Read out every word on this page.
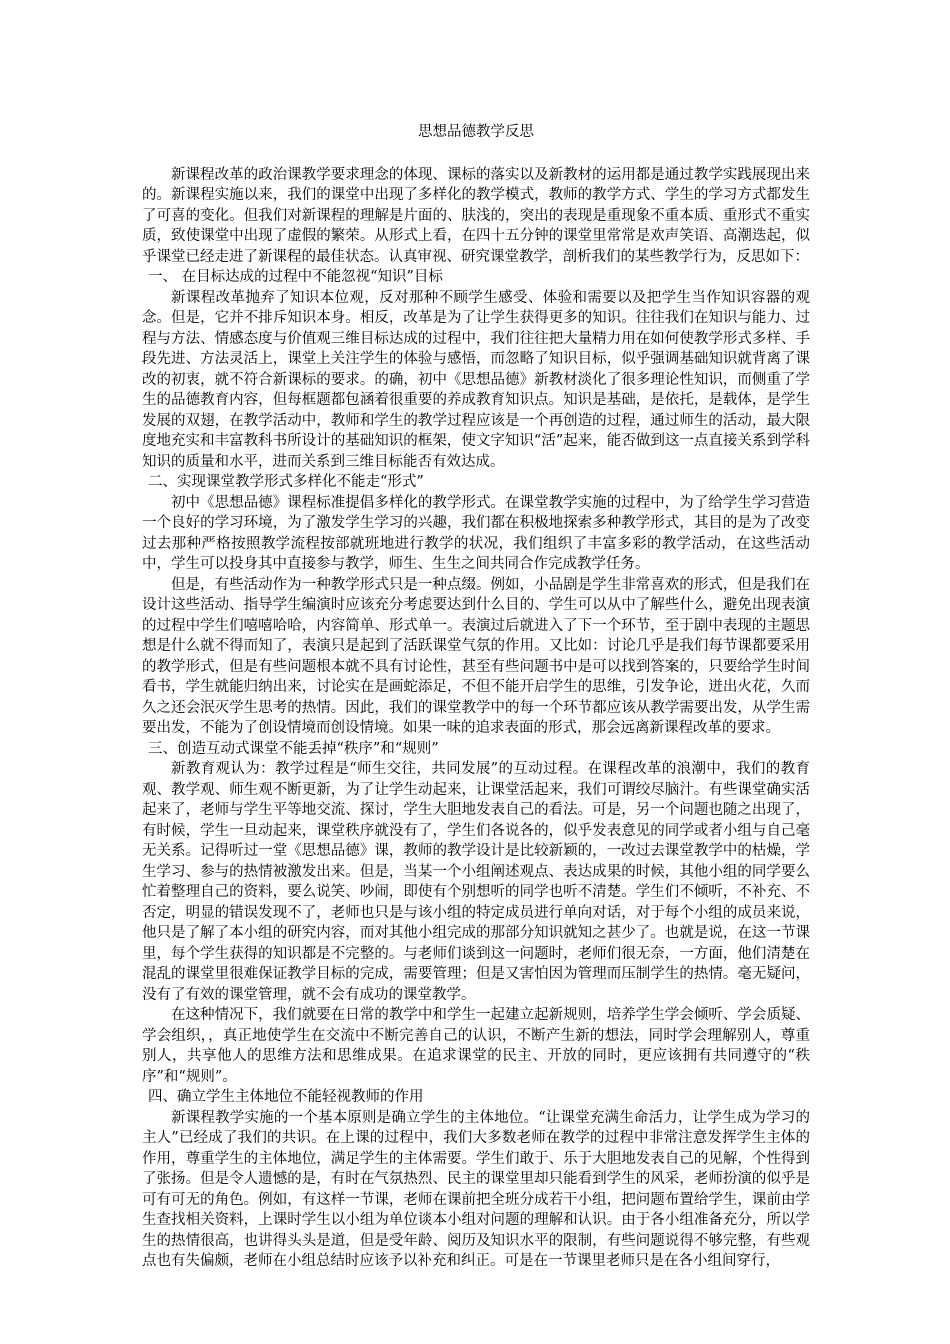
思想品德教学反思

新课程改革的政治课教学要求理念的体现、课标的落实以及新教材的运用都是通过教学实践展现出来的。新课程实施以来，我们的课堂中出现了多样化的教学模式，教师的教学方式、学生的学习方式都发生了可喜的变化。但我们对新课程的理解是片面的、肤浅的，突出的表现是重现象不重本质、重形式不重实质，致使课堂中出现了虚假的繁荣。从形式上看，在四十五分钟的课堂里常常是欢声笑语、高潮迭起，似乎课堂已经走进了新课程的最佳状态。认真审视、研究课堂教学，剖析我们的某些教学行为，反思如下：

一、 在目标达成的过程中不能忽视“知识”目标

新课程改革抛弃了知识本位观，反对那种不顾学生感受、体验和需要以及把学生当作知识容器的观念。但是，它并不排斥知识本身。相反，改革是为了让学生获得更多的知识。往往我们在知识与能力、过程与方法、情感态度与价值观三维目标达成的过程中，我们往往把大量精力用在如何使教学形式多样、手段先进、方法灵活上，课堂上关注学生的体验与感悟，而忽略了知识目标，似乎强调基础知识就背离了课改的初衷，就不符合新课标的要求。的确，初中《思想品德》新教材淡化了很多理论性知识，而侧重了学生的品德教育内容，但每框题都包涵着很重要的养成教育知识点。知识是基础，是依托，是载体，是学生发展的双翅，在教学活动中，教师和学生的教学过程应该是一个再创造的过程，通过师生的活动，最大限度地充实和丰富教科书所设计的基础知识的框架，使文字知识“活”起来，能否做到这一点直接关系到学科知识的质量和水平，进而关系到三维目标能否有效达成。

二、实现课堂教学形式多样化不能走“形式”

初中《思想品德》课程标准提倡多样化的教学形式。在课堂教学实施的过程中，为了给学生学习营造一个良好的学习环境，为了激发学生学习的兴趣，我们都在积极地探索多种教学形式，其目的是为了改变过去那种严格按照教学流程按部就班地进行教学的状况，我们组织了丰富多彩的教学活动，在这些活动中，学生可以投身其中直接参与教学，师生、生生之间共同合作完成教学任务。

但是，有些活动作为一种教学形式只是一种点缀。例如，小品剧是学生非常喜欢的形式，但是我们在设计这些活动、指导学生编演时应该充分考虑要达到什么目的、学生可以从中了解些什么，避免出现表演的过程中学生们嘻嘻哈哈，内容简单、形式单一。表演过后就进入了下一个环节，至于剧中表现的主题思想是什么就不得而知了，表演只是起到了活跃课堂气氛的作用。又比如：讨论几乎是我们每节课都要采用的教学形式，但是有些问题根本就不具有讨论性，甚至有些问题书中是可以找到答案的，只要给学生时间看书，学生就能归纳出来，讨论实在是画蛇添足，不但不能开启学生的思维，引发争论，迸出火花，久而久之还会泯灭学生思考的热情。因此，我们的课堂教学中的每一个环节都应该从教学需要出发，从学生需要出发，不能为了创设情境而创设情境。如果一味的追求表面的形式，那会远离新课程改革的要求。

三、创造互动式课堂不能丢掉“秩序”和“规则”

新教育观认为：教学过程是“师生交往，共同发展”的互动过程。在课程改革的浪潮中，我们的教育观、教学观、师生观不断更新，为了让学生动起来，让课堂活起来，我们可谓绞尽脑汁。有些课堂确实活起来了，老师与学生平等地交流、探讨，学生大胆地发表自己的看法。可是，另一个问题也随之出现了，有时候，学生一旦动起来，课堂秩序就没有了，学生们各说各的，似乎发表意见的同学或者小组与自己毫无关系。记得听过一堂《思想品德》课，教师的教学设计是比较新颖的，一改过去课堂教学中的枯燥，学生学习、参与的热情被激发出来。但是，当某一个小组阐述观点、表达成果的时候，其他小组的同学要么忙着整理自己的资料，要么说笑、吵闹，即使有个别想听的同学也听不清楚。学生们不倾听，不补充、不否定，明显的错误发现不了，老师也只是与该小组的特定成员进行单向对话，对于每个小组的成员来说，他只是了解了本小组的研究内容，而对其他小组完成的那部分知识就知之甚少了。也就是说，在这一节课里，每个学生获得的知识都是不完整的。与老师们谈到这一问题时，老师们很无奈，一方面，他们清楚在混乱的课堂里很难保证教学目标的完成，需要管理；但是又害怕因为管理而压制学生的热情。毫无疑问，没有了有效的课堂管理，就不会有成功的课堂教学。

在这种情况下，我们就要在日常的教学中和学生一起建立起新规则，培养学生学会倾听、学会质疑、学会组织，，真正地使学生在交流中不断完善自己的认识，不断产生新的想法，同时学会理解别人，尊重别人，共享他人的思维方法和思维成果。在追求课堂的民主、开放的同时，更应该拥有共同遵守的“秩序”和“规则”。

四、确立学生主体地位不能轻视教师的作用

新课程教学实施的一个基本原则是确立学生的主体地位。“让课堂充满生命活力，让学生成为学习的主人”已经成了我们的共识。在上课的过程中，我们大多数老师在教学的过程中非常注意发挥学生主体的作用，尊重学生的主体地位，满足学生的主体需要。学生们敢于、乐于大胆地发表自己的见解，个性得到了张扬。但是令人遗憾的是，有时在气氛热烈、民主的课堂里却只能看到学生的风采，老师扮演的似乎是可有可无的角色。例如，有这样一节课，老师在课前把全班分成若干小组，把问题布置给学生，课前由学生查找相关资料，上课时学生以小组为单位谈本小组对问题的理解和认识。由于各小组准备充分，所以学生的热情很高，也讲得头头是道，但是受年龄、阅历及知识水平的限制，有些问题说得不够完整，有些观点也有失偏颇，老师在小组总结时应该予以补充和纠正。可是在一节课里老师只是在各小组间穿行，
